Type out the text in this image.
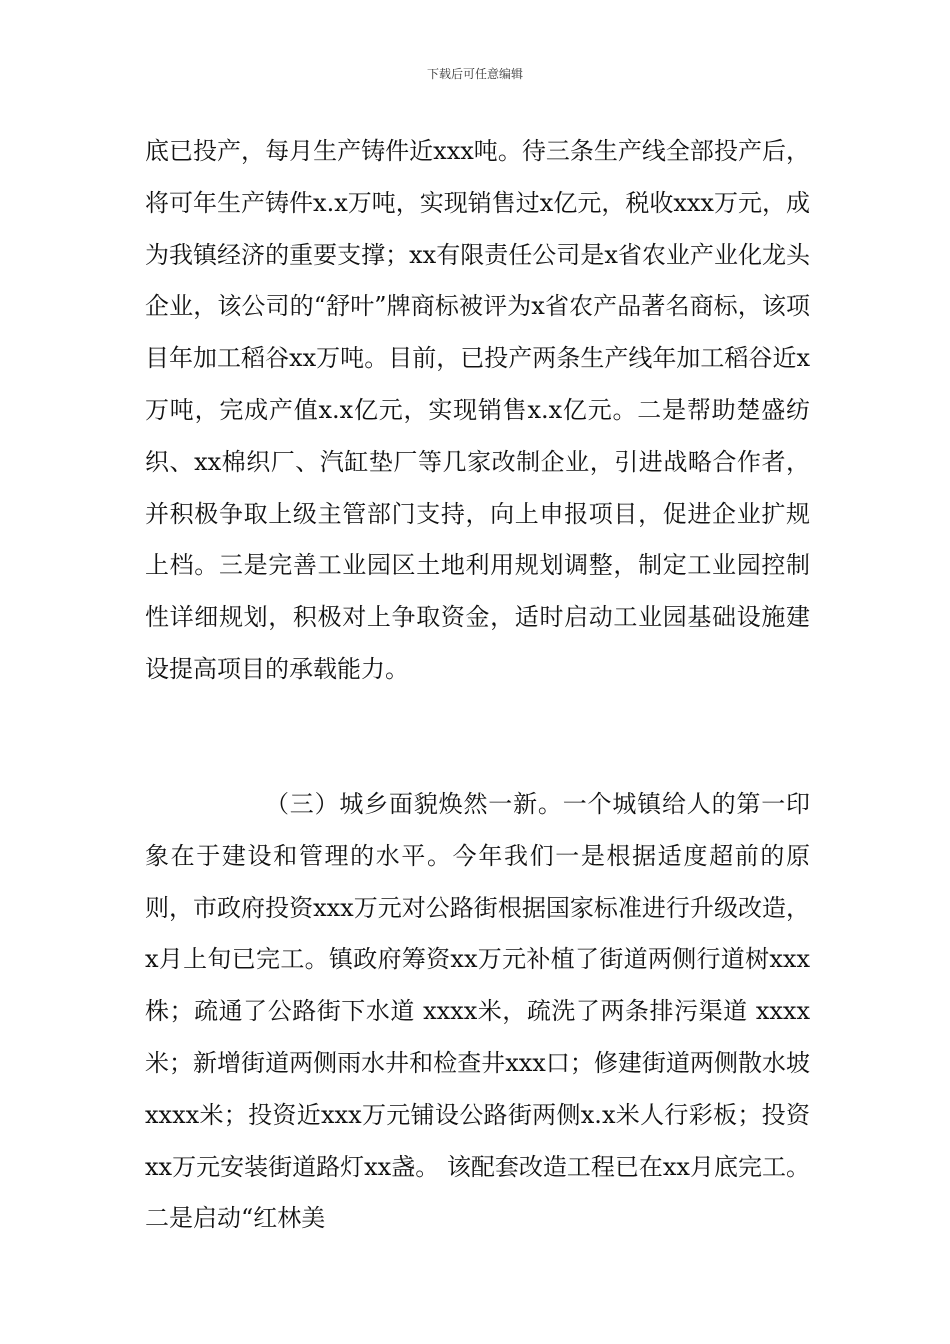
下载后可任意编辑

底已投产，每月生产铸件近xxx吨。待三条生产线全部投产后，将可年生产铸件x.x万吨，实现销售过x亿元，税收xxx万元，成为我镇经济的重要支撑；xx有限责任公司是x省农业产业化龙头企业，该公司的“舒叶”牌商标被评为x省农产品著名商标，该项目年加工稻谷xx万吨。目前，已投产两条生产线年加工稻谷近x万吨，完成产值x.x亿元，实现销售x.x亿元。二是帮助楚盛纺织、xx棉织厂、汽缸垫厂等几家改制企业，引进战略合作者，并积极争取上级主管部门支持，向上申报项目，促进企业扩规上档。三是完善工业园区土地利用规划调整，制定工业园控制性详细规划，积极对上争取资金，适时启动工业园基础设施建设提高项目的承载能力。

（三）城乡面貌焕然一新。一个城镇给人的第一印象在于建设和管理的水平。今年我们一是根据适度超前的原则，市政府投资xxx万元对公路街根据国家标准进行升级改造，x月上旬已完工。镇政府筹资xx万元补植了街道两侧行道树xxx株；疏通了公路街下水道 xxxx米，疏洗了两条排污渠道 xxxx米；新增街道两侧雨水井和检查井xxx口；修建街道两侧散水坡xxxx米；投资近xxx万元铺设公路街两侧x.x米人行彩板；投资xx万元安装街道路灯xx盏。 该配套改造工程已在xx月底完工。二是启动“红林美
